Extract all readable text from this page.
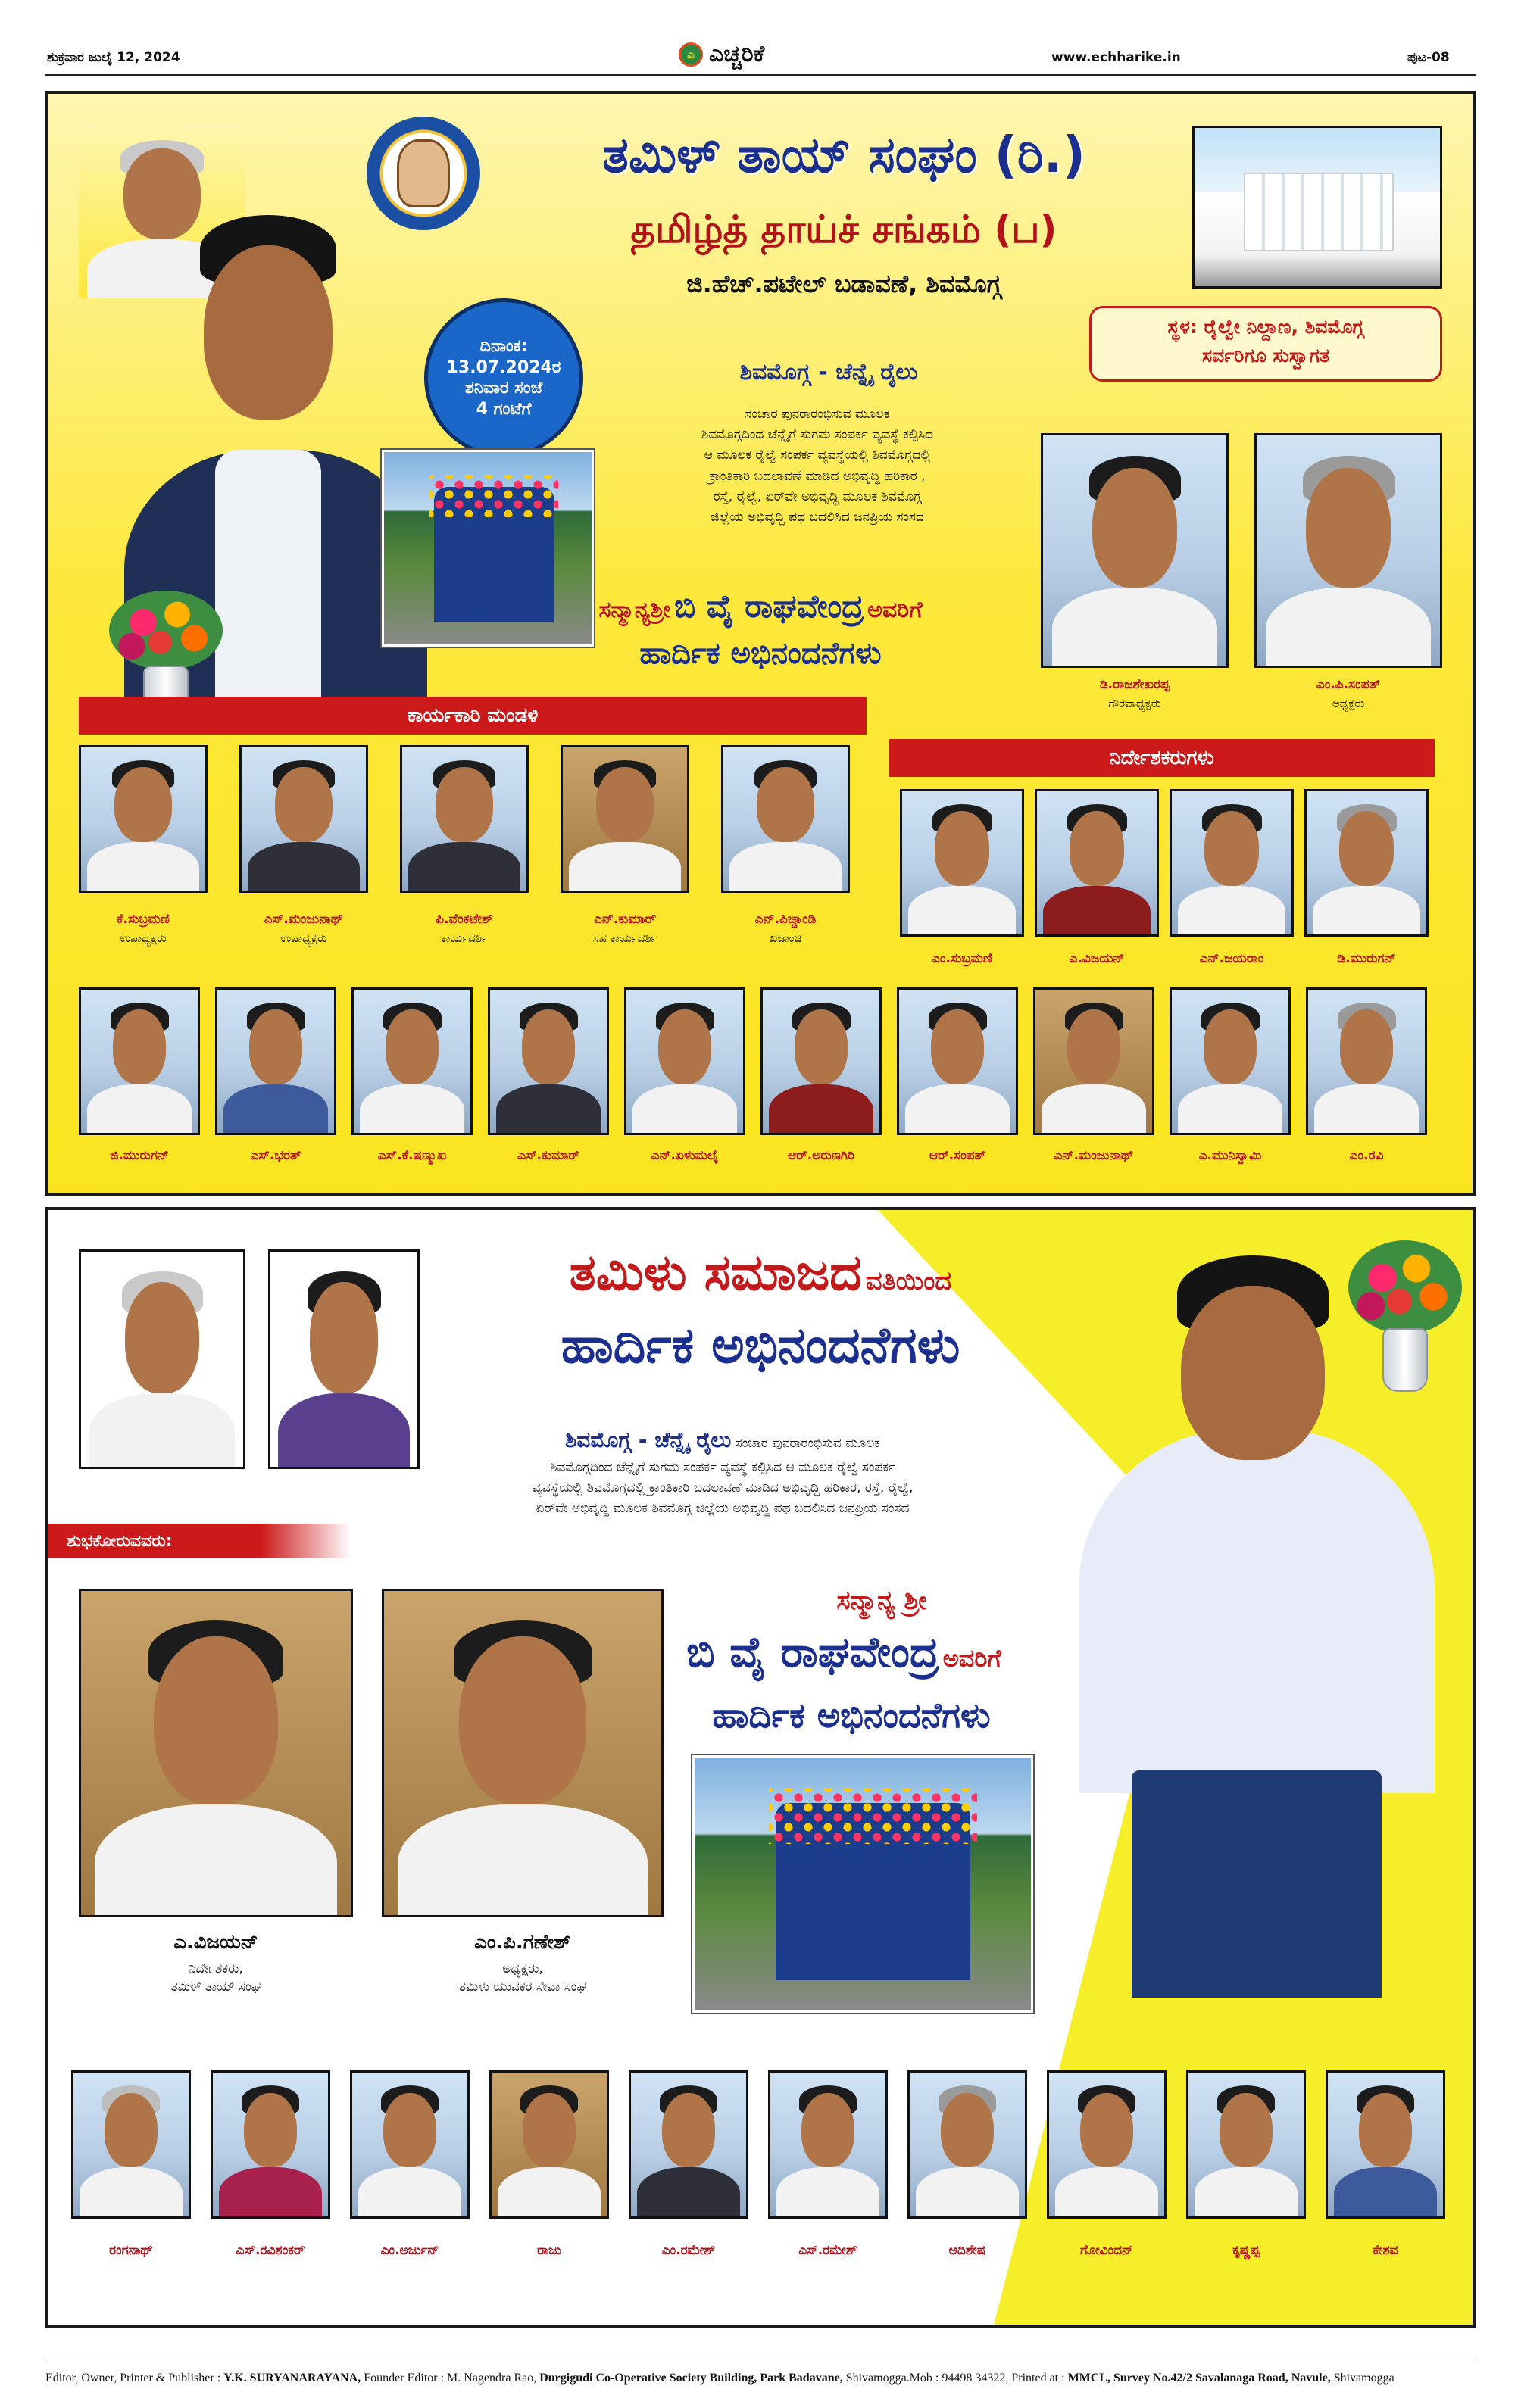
ಶುಕ್ರವಾರ ಜುಲೈ 12, 2024	ಎ ಎಚ್ಚರಿಕೆ	www.echharike.in	ಪುಟ-08
ತಮಿಳ್ ತಾಯ್ ಸಂಘಂ (ರಿ.)
தமிழ்த் தாய்ச் சங்கம் (ப)
ಜಿ.ಹೆಚ್.ಪಟೇಲ್ ಬಡಾವಣೆ, ಶಿವಮೊಗ್ಗ
ದಿನಾಂಕ:
13.07.2024ರ
ಶನಿವಾರ ಸಂಜೆ
4 ಗಂಟೆಗೆ
ಶಿವಮೊಗ್ಗ - ಚೆನ್ನೈ ರೈಲು
ಸ್ಥಳ: ರೈಲ್ವೇ ನಿಲ್ದಾಣ, ಶಿವಮೊಗ್ಗ
ಸರ್ವರಿಗೂ ಸುಸ್ವಾಗತ
ಸಂಚಾರ ಪುನರಾರಂಭಿಸುವ ಮೂಲಕ
ಶಿವಮೊಗ್ಗದಿಂದ ಚೆನ್ನೈಗೆ ಸುಗಮ ಸಂಪರ್ಕ ವ್ಯವಸ್ಥೆ ಕಲ್ಪಿಸಿದ
ಆ ಮೂಲಕ ರೈಲ್ವೆ ಸಂಪರ್ಕ ವ್ಯವಸ್ಥೆಯಲ್ಲಿ ಶಿವಮೊಗ್ಗದಲ್ಲಿ
ಕ್ರಾಂತಿಕಾರಿ ಬದಲಾವಣೆ ಮಾಡಿದ ಅಭಿವೃದ್ಧಿ ಹರಿಕಾರ ,
ರಸ್ತೆ, ರೈಲ್ವೆ, ಏರ್‌ವೇ ಅಭಿವೃದ್ಧಿ ಮೂಲಕ ಶಿವಮೊಗ್ಗ
ಜಿಲ್ಲೆಯ ಅಭಿವೃದ್ಧಿ ಪಥ ಬದಲಿಸಿದ ಜನಪ್ರಿಯ ಸಂಸದ
ಸನ್ಮಾನ್ಯಶ್ರೀ ಬಿ ವೈ ರಾಘವೇಂದ್ರ ಅವರಿಗೆ
ಹಾರ್ದಿಕ ಅಭಿನಂದನೆಗಳು
ಡಿ.ರಾಜಶೇಖರಪ್ಪ
ಗೌರವಾಧ್ಯಕ್ಷರು
ಎಂ.ಪಿ.ಸಂಪತ್
ಅಧ್ಯಕ್ಷರು
ಕಾರ್ಯಕಾರಿ ಮಂಡಳಿ
ನಿರ್ದೇಶಕರುಗಳು
ಕೆ.ಸುಬ್ರಮಣಿ
ಉಪಾಧ್ಯಕ್ಷರು
ಎಸ್.ಮಂಜುನಾಥ್
ಉಪಾಧ್ಯಕ್ಷರು
ಪಿ.ವೆಂಕಟೇಶ್
ಕಾರ್ಯದರ್ಶಿ
ಎನ್.ಕುಮಾರ್
ಸಹ ಕಾರ್ಯದರ್ಶಿ
ಎನ್.ಪಿಚ್ಚಾಂಡಿ
ಖಜಾಂಚಿ
ಎಂ.ಸುಬ್ರಮಣಿ	ಎ.ವಿಜಯನ್	ಎನ್.ಜಯರಾಂ	ಡಿ.ಮುರುಗನ್
ಜಿ.ಮುರುಗನ್	ಎಸ್.ಭರತ್	ಎಸ್.ಕೆ.ಷಣ್ಮುಖ	ಎಸ್.ಕುಮಾರ್	ಎನ್.ಏಳುಮಲೈ	ಆರ್.ಅರುಣಗಿರಿ	ಆರ್.ಸಂಪತ್	ಎನ್.ಮಂಜುನಾಥ್	ಎ.ಮುನಿಸ್ವಾಮಿ	ಎಂ.ರವಿ
ತಮಿಳು ಸಮಾಜದ ವತಿಯಿಂದ
ಹಾರ್ದಿಕ ಅಭಿನಂದನೆಗಳು
ಶಿವಮೊಗ್ಗ - ಚೆನ್ನೈ ರೈಲು ಸಂಚಾರ ಪುನರಾರಂಭಿಸುವ ಮೂಲಕ
ಶಿವಮೊಗ್ಗದಿಂದ ಚೆನ್ನೈಗೆ ಸುಗಮ ಸಂಪರ್ಕ ವ್ಯವಸ್ಥೆ ಕಲ್ಪಿಸಿದ ಆ ಮೂಲಕ ರೈಲ್ವೆ ಸಂಪರ್ಕ
ವ್ಯವಸ್ಥೆಯಲ್ಲಿ ಶಿವಮೊಗ್ಗದಲ್ಲಿ ಕ್ರಾಂತಿಕಾರಿ ಬದಲಾವಣೆ ಮಾಡಿದ ಅಭಿವೃದ್ಧಿ ಹರಿಕಾರ, ರಸ್ತೆ, ರೈಲ್ವೆ,
ಏರ್‌ವೇ ಅಭಿವೃದ್ಧಿ ಮೂಲಕ ಶಿವಮೊಗ್ಗ ಜಿಲ್ಲೆಯ ಅಭಿವೃದ್ಧಿ ಪಥ ಬದಲಿಸಿದ ಜನಪ್ರಿಯ ಸಂಸದ
ಶುಭಕೋರುವವರು:
ಸನ್ಮಾನ್ಯ ಶ್ರೀ
ಬಿ ವೈ ರಾಘವೇಂದ್ರ ಅವರಿಗೆ
ಹಾರ್ದಿಕ ಅಭಿನಂದನೆಗಳು
ಎ.ವಿಜಯನ್
ನಿರ್ದೇಶಕರು,
ತಮಿಳ್ ತಾಯ್ ಸಂಘ
ಎಂ.ಪಿ.ಗಣೇಶ್
ಅಧ್ಯಕ್ಷರು,
ತಮಿಳು ಯುವಕರ ಸೇವಾ ಸಂಘ
ರಂಗನಾಥ್	ಎಸ್.ರವಿಶಂಕರ್	ಎಂ.ಅರ್ಜುನ್	ರಾಜು	ಎಂ.ರಮೇಶ್	ಎಸ್.ರಮೇಶ್	ಆದಿಶೇಷ	ಗೋವಿಂದನ್	ಕೃಷ್ಣಪ್ಪ	ಕೇಶವ
Editor, Owner, Printer & Publisher : Y.K. SURYANARAYANA, Founder Editor : M. Nagendra Rao, Durgigudi Co-Operative Society Building, Park Badavane, Shivamogga.Mob : 94498 34322, Printed at : MMCL, Survey No.42/2 Savalanaga Road, Navule, Shivamogga
